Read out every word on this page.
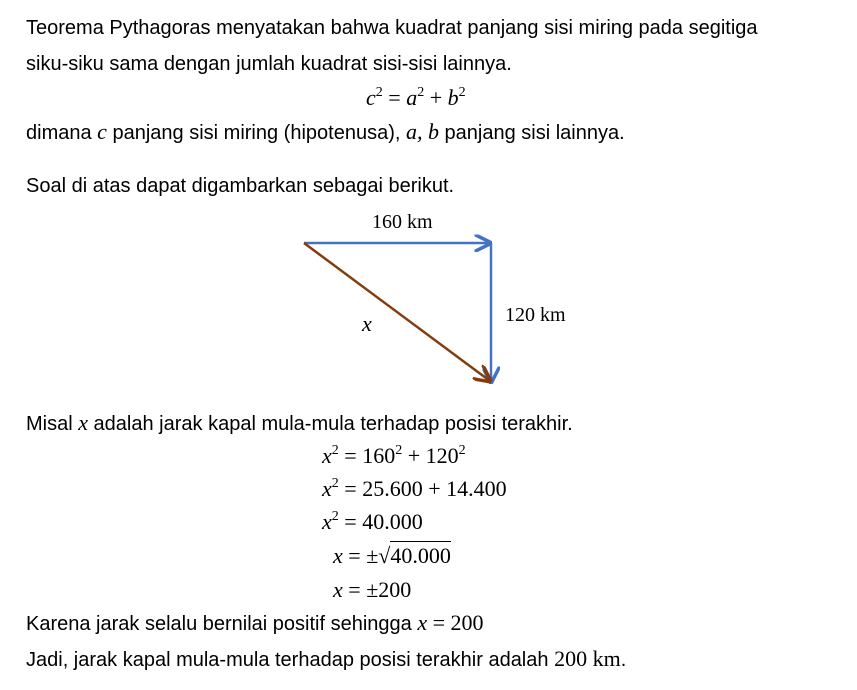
Teorema Pythagoras menyatakan bahwa kuadrat panjang sisi miring pada segitiga
siku-siku sama dengan jumlah kuadrat sisi-sisi lainnya.
$c^2 = a^2 + b^2$
dimana c panjang sisi miring (hipotenusa), a, b panjang sisi lainnya.
Soal di atas dapat digambarkan sebagai berikut.
160 km
120 km
x
Misal x adalah jarak kapal mula-mula terhadap posisi terakhir.
$x^2 = 160^2 + 120^2$
$x^2 = 25.600 + 14.400$
$x^2 = 40.000$
x = ±√40.000
x = ±200
Karena jarak selalu bernilai positif sehingga x = 200
Jadi, jarak kapal mula-mula terhadap posisi terakhir adalah 200 km.
